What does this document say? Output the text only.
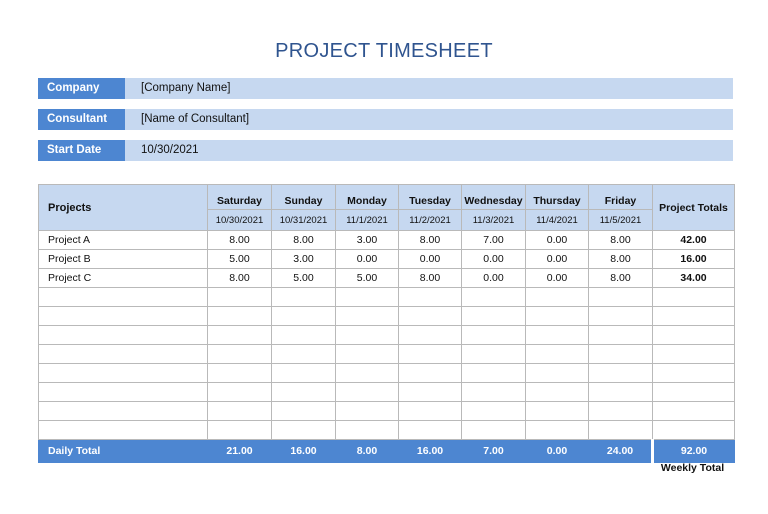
PROJECT TIMESHEET
Company	[Company Name]
Consultant	[Name of Consultant]
Start Date	10/30/2021
Projects	Saturday	Sunday	Monday	Tuesday	Wednesday	Thursday	Friday	Project Totals
	10/30/2021	10/31/2021	11/1/2021	11/2/2021	11/3/2021	11/4/2021	11/5/2021	
Project A	8.00	8.00	3.00	8.00	7.00	0.00	8.00	42.00
Project B	5.00	3.00	0.00	0.00	0.00	0.00	8.00	16.00
Project C	8.00	5.00	5.00	8.00	0.00	0.00	8.00	34.00

Daily Total	21.00	16.00	8.00	16.00	7.00	0.00	24.00	92.00
Weekly Total
